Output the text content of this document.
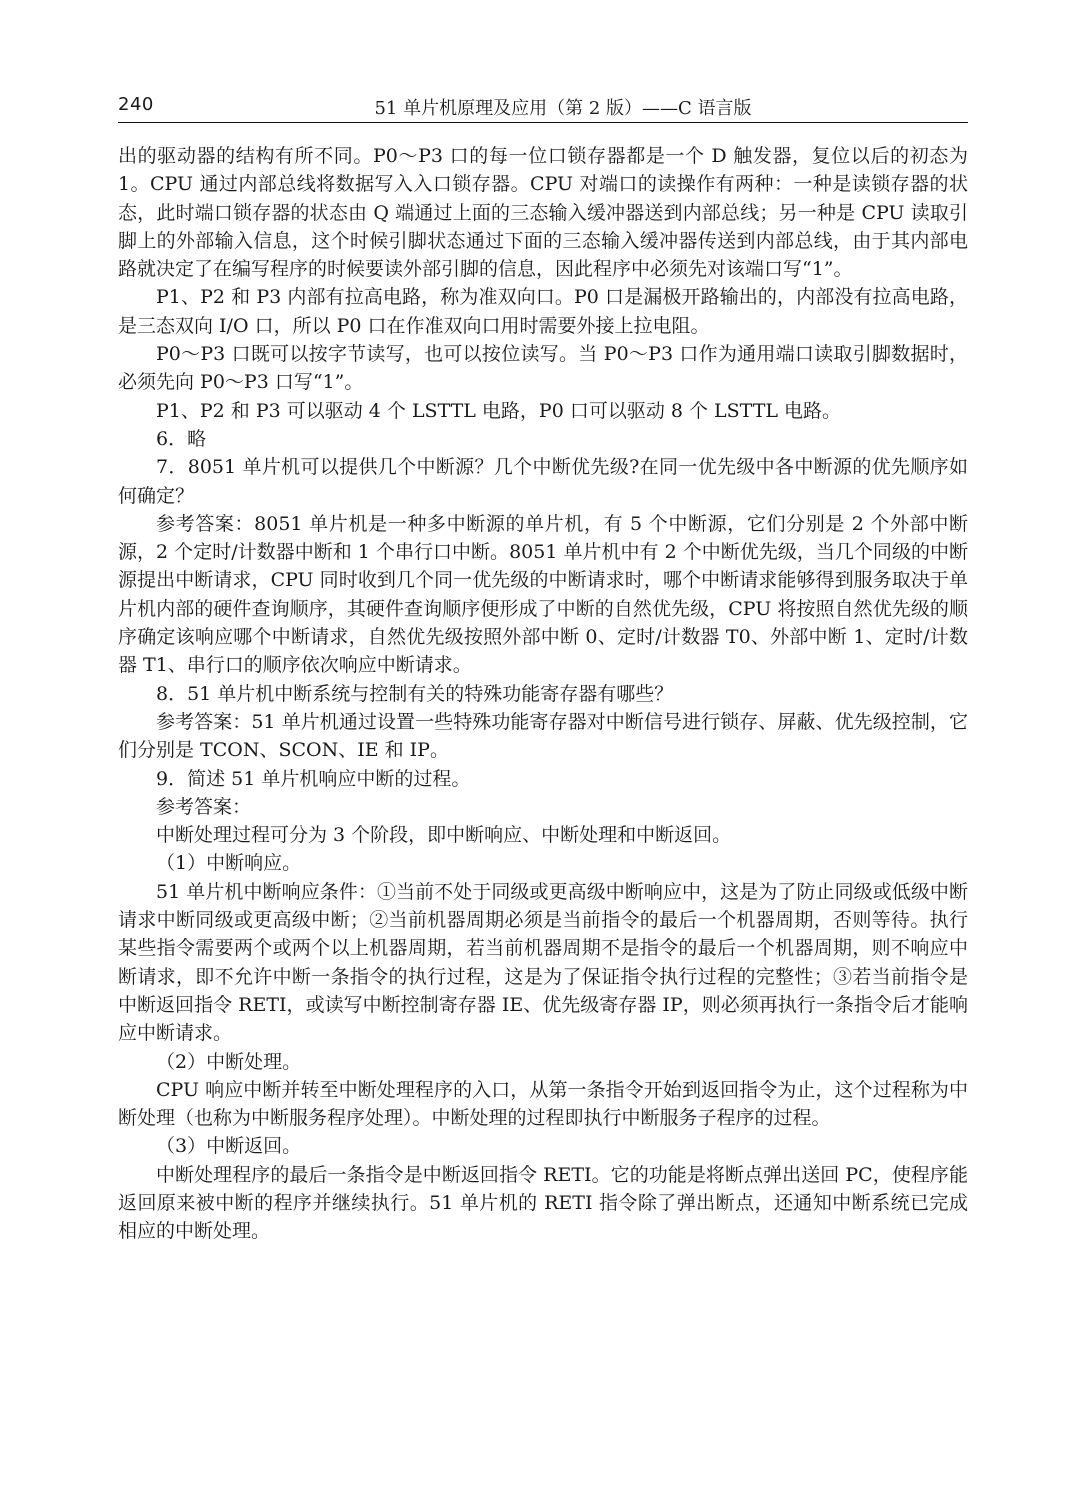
240	51 单片机原理及应用（第 2 版）——C 语言版

出的驱动器的结构有所不同。P0～P3 口的每一位口锁存器都是一个 D 触发器，复位以后的初态为 1。CPU 通过内部总线将数据写入入口锁存器。CPU 对端口的读操作有两种：一种是读锁存器的状态，此时端口锁存器的状态由 Q 端通过上面的三态输入缓冲器送到内部总线；另一种是 CPU 读取引脚上的外部输入信息，这个时候引脚状态通过下面的三态输入缓冲器传送到内部总线，由于其内部电路就决定了在编写程序的时候要读外部引脚的信息，因此程序中必须先对该端口写“1”。

P1、P2 和 P3 内部有拉高电路，称为准双向口。P0 口是漏极开路输出的，内部没有拉高电路，是三态双向 I/O 口，所以 P0 口在作准双向口用时需要外接上拉电阻。

P0～P3 口既可以按字节读写，也可以按位读写。当 P0～P3 口作为通用端口读取引脚数据时，必须先向 P0～P3 口写“1”。

P1、P2 和 P3 可以驱动 4 个 LSTTL 电路，P0 口可以驱动 8 个 LSTTL 电路。

6．略

7．8051 单片机可以提供几个中断源？几个中断优先级?在同一优先级中各中断源的优先顺序如何确定？

参考答案：8051 单片机是一种多中断源的单片机，有 5 个中断源，它们分别是 2 个外部中断源，2 个定时/计数器中断和 1 个串行口中断。8051 单片机中有 2 个中断优先级，当几个同级的中断源提出中断请求，CPU 同时收到几个同一优先级的中断请求时，哪个中断请求能够得到服务取决于单片机内部的硬件查询顺序，其硬件查询顺序便形成了中断的自然优先级，CPU 将按照自然优先级的顺序确定该响应哪个中断请求，自然优先级按照外部中断 0、定时/计数器 T0、外部中断 1、定时/计数器 T1、串行口的顺序依次响应中断请求。

8．51 单片机中断系统与控制有关的特殊功能寄存器有哪些？

参考答案：51 单片机通过设置一些特殊功能寄存器对中断信号进行锁存、屏蔽、优先级控制，它们分别是 TCON、SCON、IE 和 IP。

9．简述 51 单片机响应中断的过程。

参考答案：

中断处理过程可分为 3 个阶段，即中断响应、中断处理和中断返回。

（1）中断响应。

51 单片机中断响应条件：①当前不处于同级或更高级中断响应中，这是为了防止同级或低级中断请求中断同级或更高级中断；②当前机器周期必须是当前指令的最后一个机器周期，否则等待。执行某些指令需要两个或两个以上机器周期，若当前机器周期不是指令的最后一个机器周期，则不响应中断请求，即不允许中断一条指令的执行过程，这是为了保证指令执行过程的完整性；③若当前指令是中断返回指令 RETI，或读写中断控制寄存器 IE、优先级寄存器 IP，则必须再执行一条指令后才能响应中断请求。

（2）中断处理。

CPU 响应中断并转至中断处理程序的入口，从第一条指令开始到返回指令为止，这个过程称为中断处理（也称为中断服务程序处理）。中断处理的过程即执行中断服务子程序的过程。

（3）中断返回。

中断处理程序的最后一条指令是中断返回指令 RETI。它的功能是将断点弹出送回 PC，使程序能返回原来被中断的程序并继续执行。51 单片机的 RETI 指令除了弹出断点，还通知中断系统已完成相应的中断处理。
